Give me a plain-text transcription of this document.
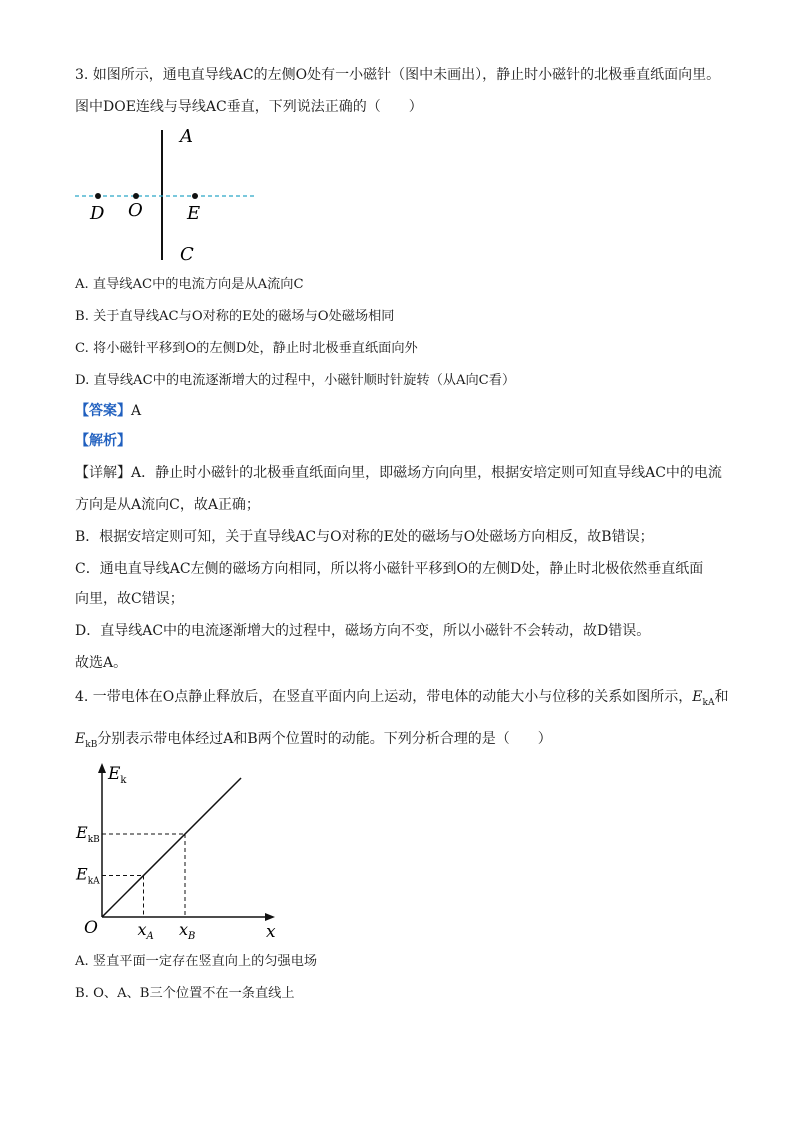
3. 如图所示，通电直导线AC的左侧O处有一小磁针（图中未画出），静止时小磁针的北极垂直纸面向里。
图中DOE连线与导线AC垂直，下列说法正确的（　　）
A
C
D O E
A. 直导线AC中的电流方向是从A流向C
B. 关于直导线AC与O对称的E处的磁场与O处磁场相同
C. 将小磁针平移到O的左侧D处，静止时北极垂直纸面向外
D. 直导线AC中的电流逐渐增大的过程中，小磁针顺时针旋转（从A向C看）
【答案】A
【解析】
【详解】A．静止时小磁针的北极垂直纸面向里，即磁场方向向里，根据安培定则可知直导线AC中的电流
方向是从A流向C，故A正确；
B．根据安培定则可知，关于直导线AC与O对称的E处的磁场与O处磁场方向相反，故B错误；
C．通电直导线AC左侧的磁场方向相同，所以将小磁针平移到O的左侧D处，静止时北极依然垂直纸面
向里，故C错误；
D．直导线AC中的电流逐渐增大的过程中，磁场方向不变，所以小磁针不会转动，故D错误。
故选A。
4. 一带电体在O点静止释放后，在竖直平面内向上运动，带电体的动能大小与位移的关系如图所示，$E_{kA}$和
$E_{kB}$分别表示带电体经过A和B两个位置时的动能。下列分析合理的是（　　）
$x_A$ $x_B$
$E_{kA}$
$E_{kB}$
$E_k$
x
O
A. 竖直平面一定存在竖直向上的匀强电场
B. O、A、B三个位置不在一条直线上
